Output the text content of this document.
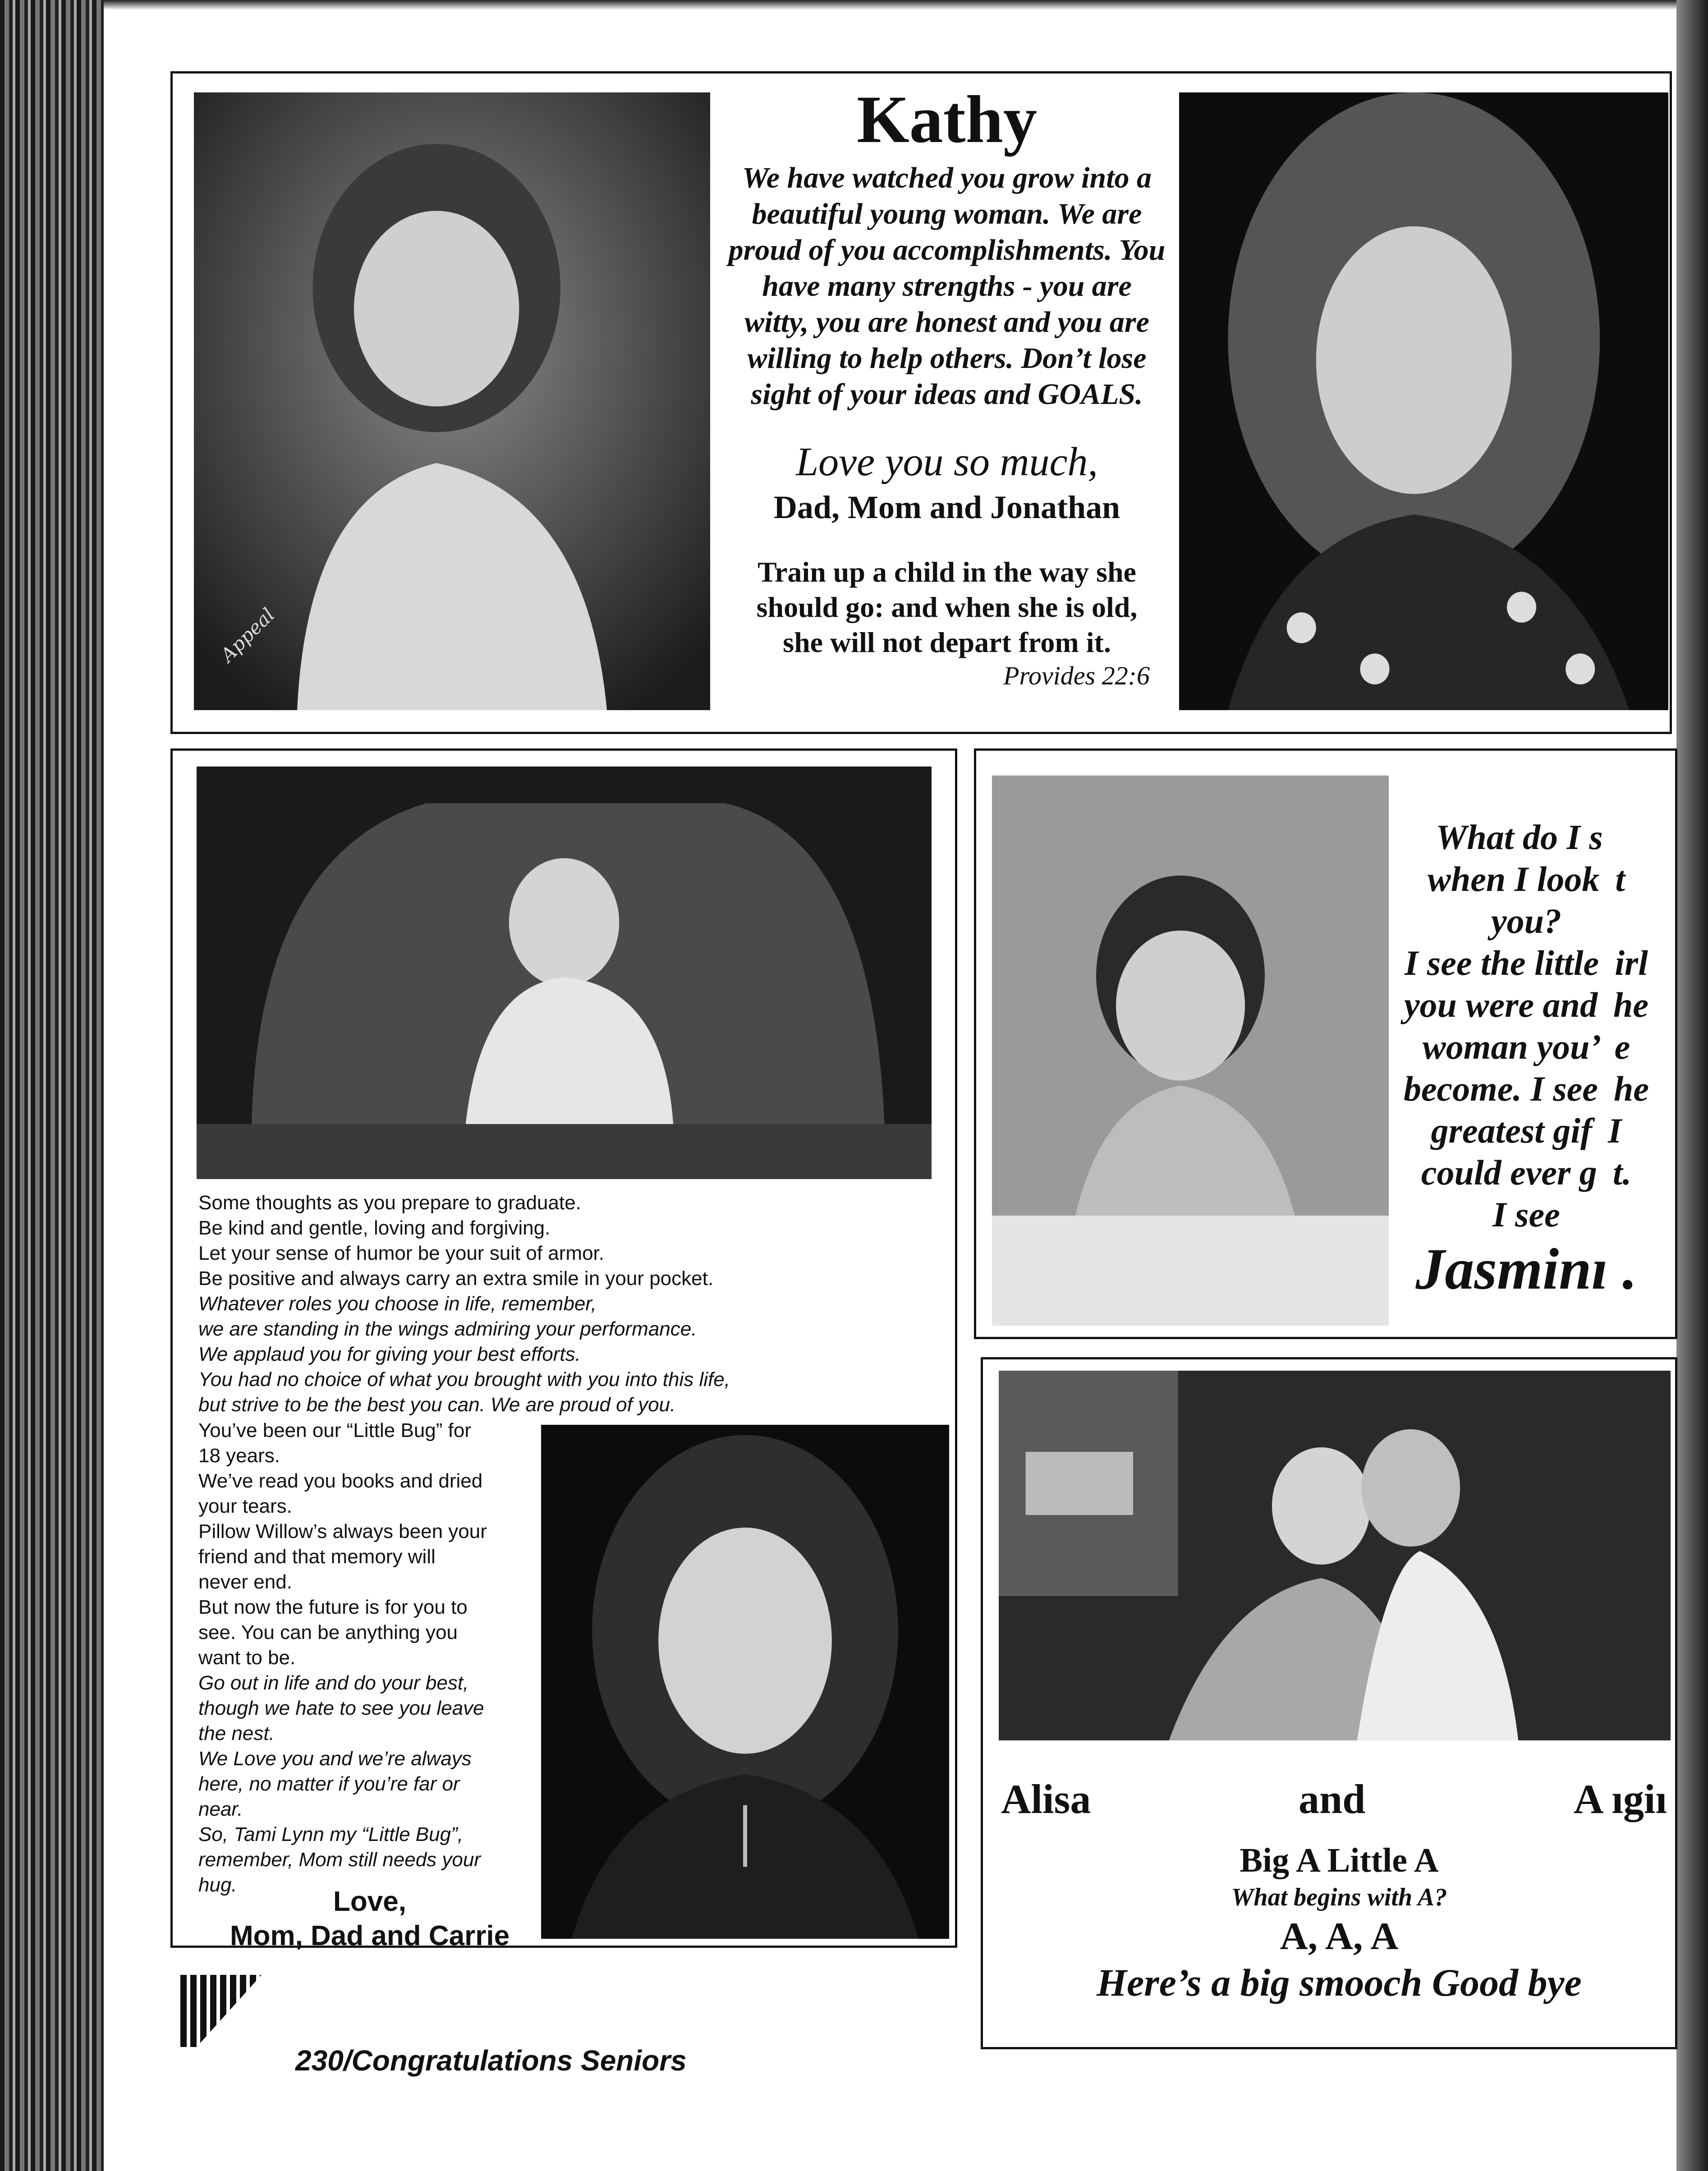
Appeal
Kathy
We have watched you grow into a
beautiful young woman. We are
proud of you accomplishments. You
have many strengths - you are
witty, you are honest and you are
willing to help others. Don’t lose
sight of your ideas and GOALS.
Love you so much,
Dad, Mom and Jonathan
Train up a child in the way she
should go: and when she is old,
she will not depart from it.
Provides 22:6
Some thoughts as you prepare to graduate.
Be kind and gentle, loving and forgiving.
Let your sense of humor be your suit of armor.
Be positive and always carry an extra smile in your pocket.
Whatever roles you choose in life, remember,
we are standing in the wings admiring your performance.
We applaud you for giving your best efforts.
You had no choice of what you brought with you into this life,
but strive to be the best you can. We are proud of you.
You’ve been our “Little Bug” for
18 years.
We’ve read you books and dried
your tears.
Pillow Willow’s always been your
friend and that memory will
never end.
But now the future is for you to
see. You can be anything you
want to be.
Go out in life and do your best,
though we hate to see you leave
the nest.
We Love you and we’re always
here, no matter if you’re far or
near.
So, Tami Lynn my “Little Bug”,
remember, Mom still needs your
hug.
Love,
Mom, Dad and Carrie
What do I s  
when I look  t
you?
I see the little  irl
you were and  he
woman you’  e
become. I see  he
greatest gif  I
could ever g  t.
I see
Jasminı .
Alisa	and	A ıgiı
Big A Little A
What begins with A?
A, A, A
Here’s a big smooch Good bye
230/Congratulations Seniors
